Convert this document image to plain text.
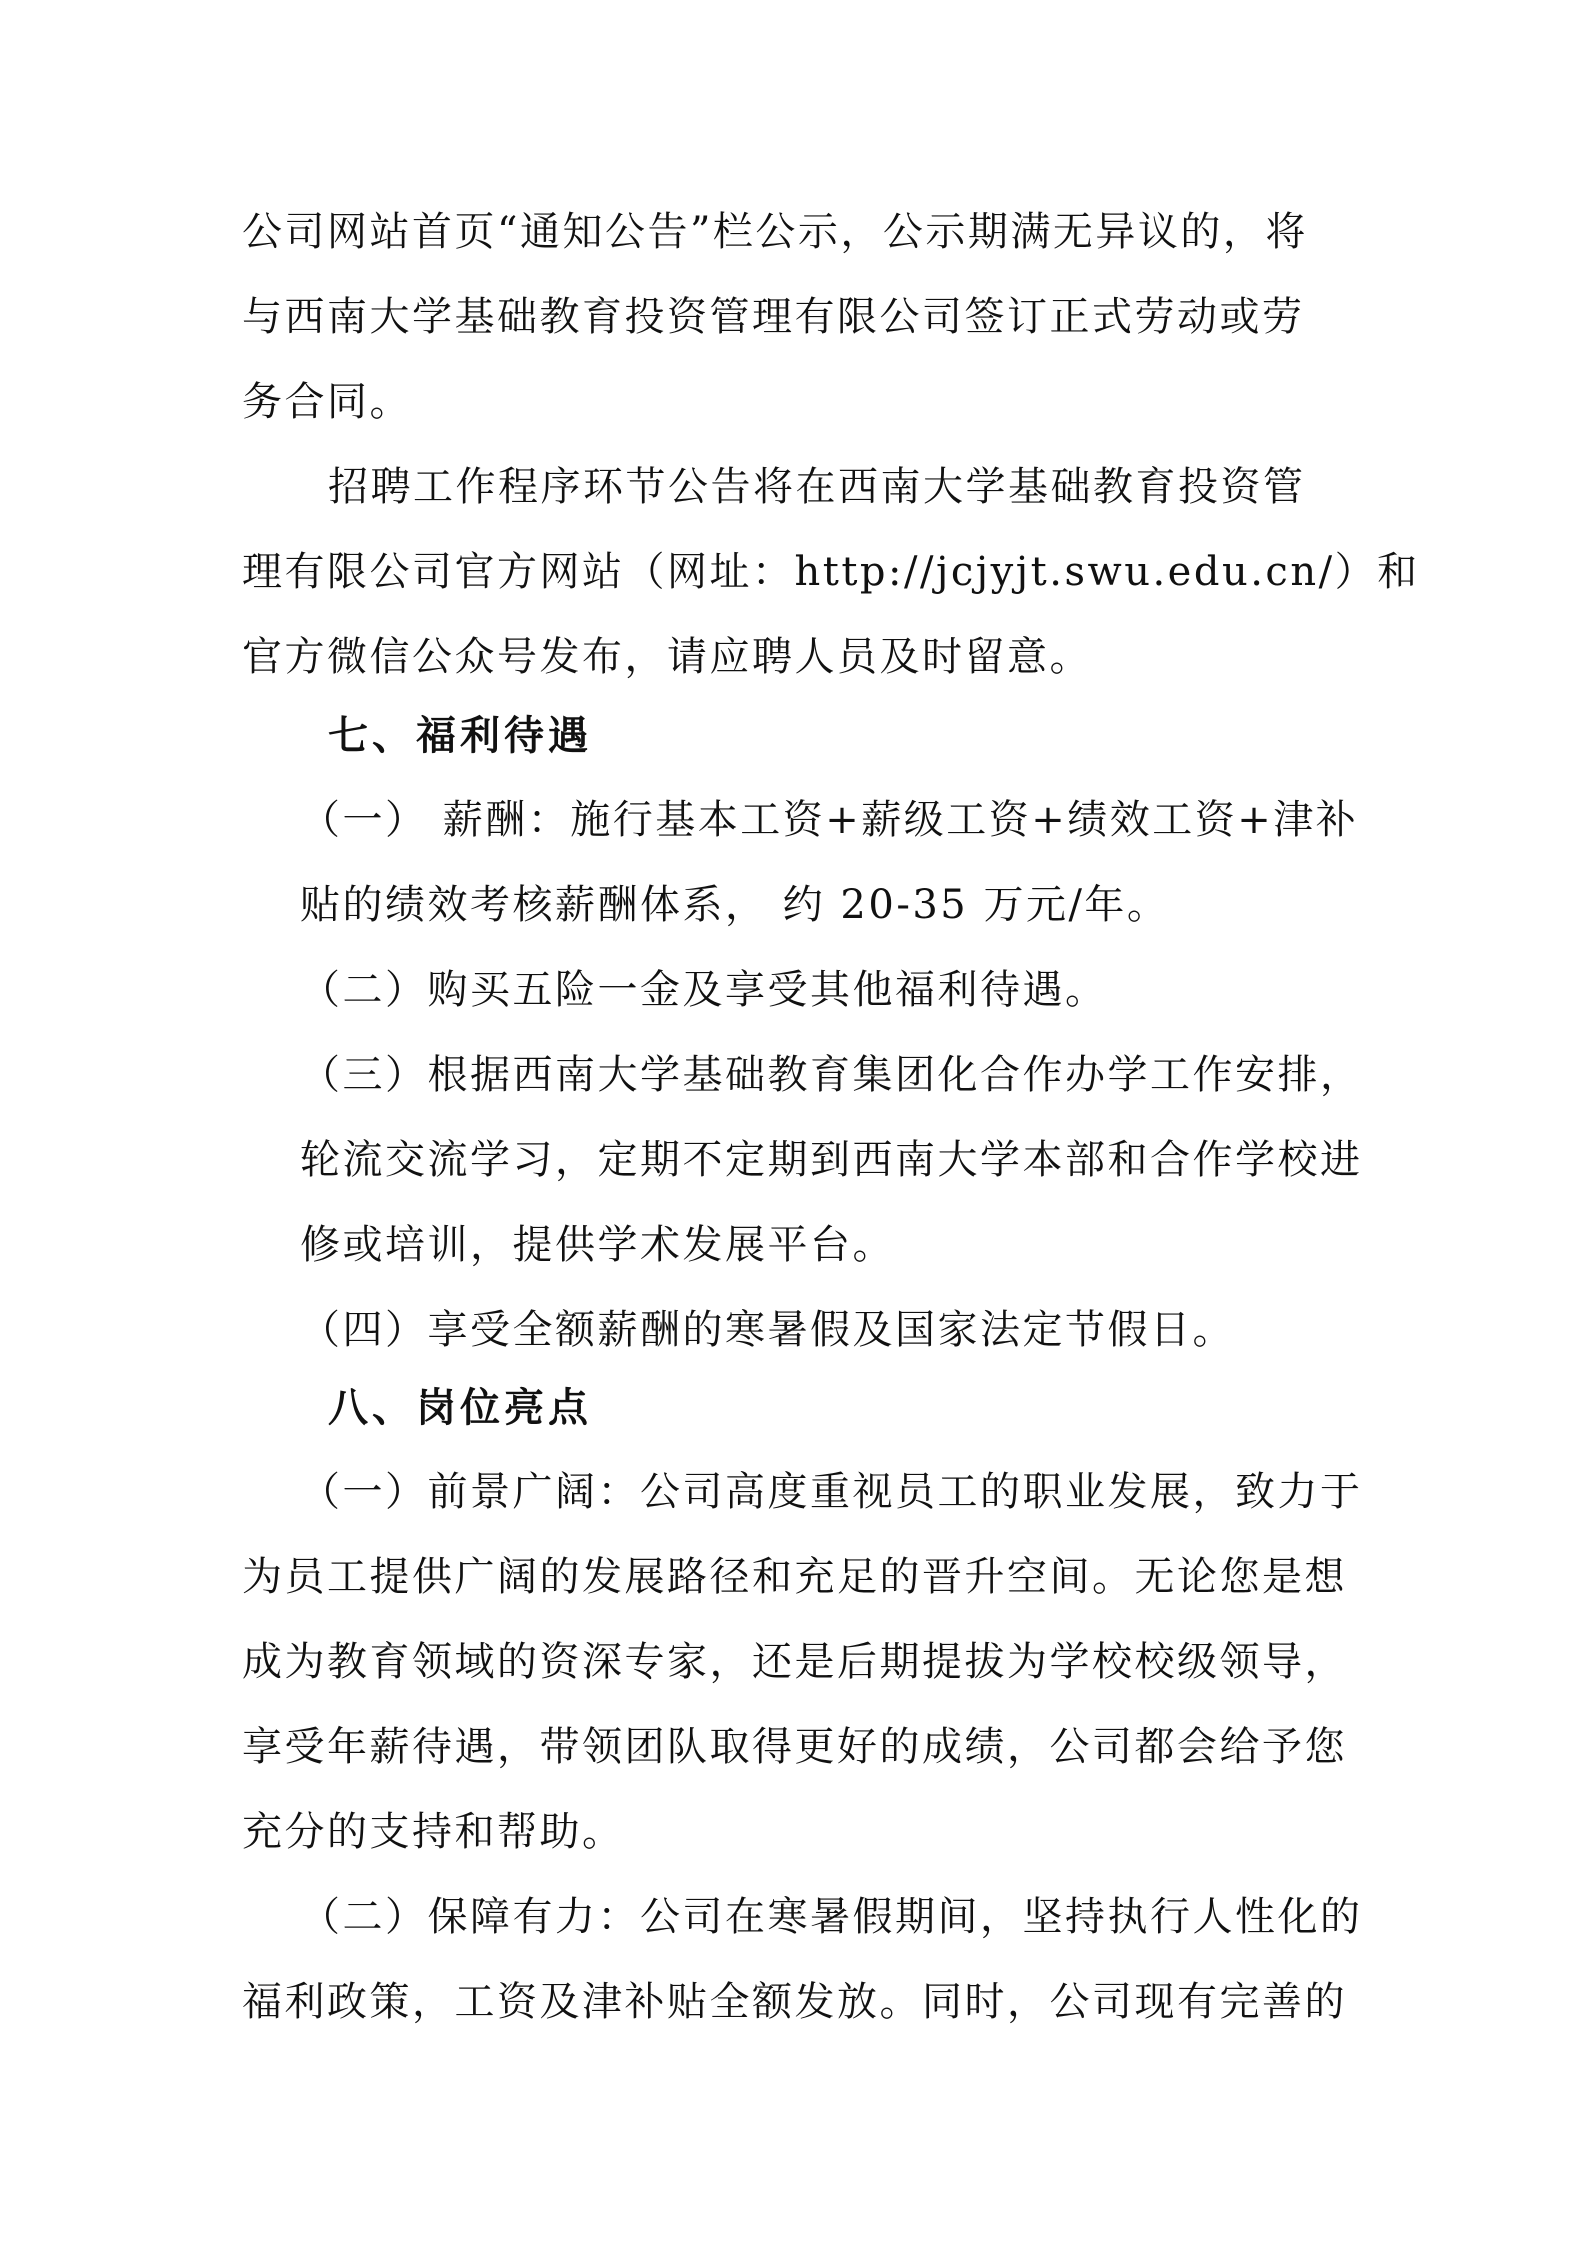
公司网站首页“通知公告”栏公示，公示期满无异议的，将

与西南大学基础教育投资管理有限公司签订正式劳动或劳

务合同。

招聘工作程序环节公告将在西南大学基础教育投资管

理有限公司官方网站（网址：http://jcjyjt.swu.edu.cn/）和

官方微信公众号发布，请应聘人员及时留意。

七、福利待遇

（一） 薪酬：施行基本工资+薪级工资+绩效工资+津补

贴的绩效考核薪酬体系， 约 20-35 万元/年。

（二）购买五险一金及享受其他福利待遇。

（三）根据西南大学基础教育集团化合作办学工作安排，

轮流交流学习，定期不定期到西南大学本部和合作学校进

修或培训，提供学术发展平台。

（四）享受全额薪酬的寒暑假及国家法定节假日。

八、岗位亮点

（一）前景广阔：公司高度重视员工的职业发展，致力于

为员工提供广阔的发展路径和充足的晋升空间。无论您是想

成为教育领域的资深专家，还是后期提拔为学校校级领导，

享受年薪待遇，带领团队取得更好的成绩，公司都会给予您

充分的支持和帮助。

（二）保障有力：公司在寒暑假期间，坚持执行人性化的

福利政策，工资及津补贴全额发放。同时，公司现有完善的
